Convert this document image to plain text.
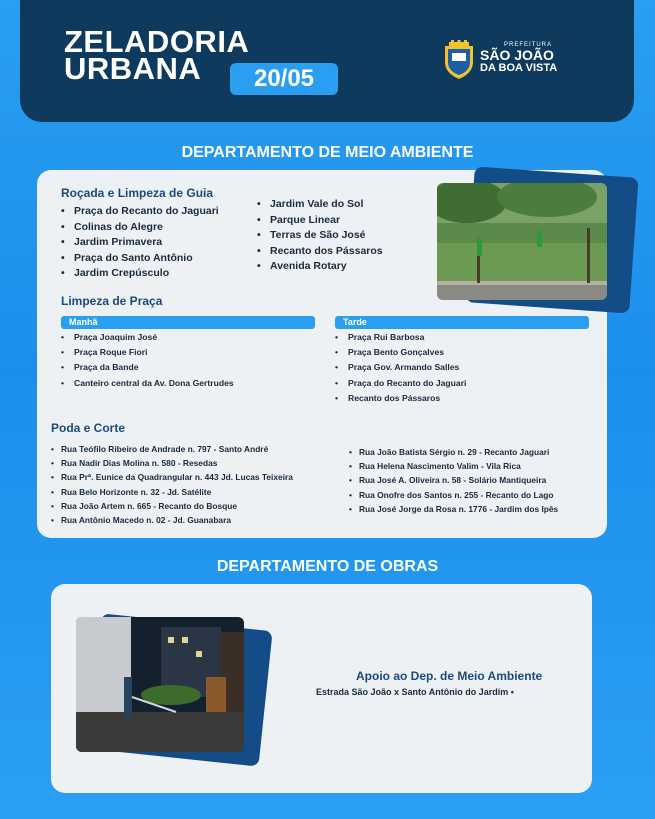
ZELADORIA
URBANA	20/05
PREFEITURA
SÃO JOÃO
DA BOA VISTA
DEPARTAMENTO DE MEIO AMBIENTE
Roçada e Limpeza de Guia
• Praça do Recanto do Jaguari
• Colinas do Alegre
• Jardim Primavera
• Praça do Santo Antônio
• Jardim Crepúsculo
• Jardim Vale do Sol
• Parque Linear
• Terras de São José
• Recanto dos Pássaros
• Avenida Rotary
Limpeza de Praça
Manhã	Tarde
• Praça Joaquim José
• Praça Roque Fiori
• Praça da Bande
• Canteiro central da Av. Dona Gertrudes
• Praça Rui Barbosa
• Praça Bento Gonçalves
• Praça Gov. Armando Salles
• Praça do Recanto do Jaguari
• Recanto dos Pássaros
Poda e Corte
• Rua Teófilo Ribeiro de Andrade n. 797 - Santo André
• Rua Nadir Dias Molina n. 580 - Resedas
• Rua Prª. Eunice da Quadrangular n. 443 Jd. Lucas Teixeira
• Rua Belo Horizonte n. 32 - Jd. Satélite
• Rua João Artem n. 665 - Recanto do Bosque
• Rua Antônio Macedo n. 02 - Jd. Guanabara
• Rua João Batista Sérgio n. 29 - Recanto Jaguari
• Rua Helena Nascimento Valim - Vila Rica
• Rua José A. Oliveira n. 58 - Solário Mantiqueira
• Rua Onofre dos Santos n. 255 - Recanto do Lago
• Rua José Jorge da Rosa n. 1776 - Jardim dos Ipês
DEPARTAMENTO DE OBRAS
Apoio ao Dep. de Meio Ambiente
Estrada São João x Santo Antônio do Jardim •
